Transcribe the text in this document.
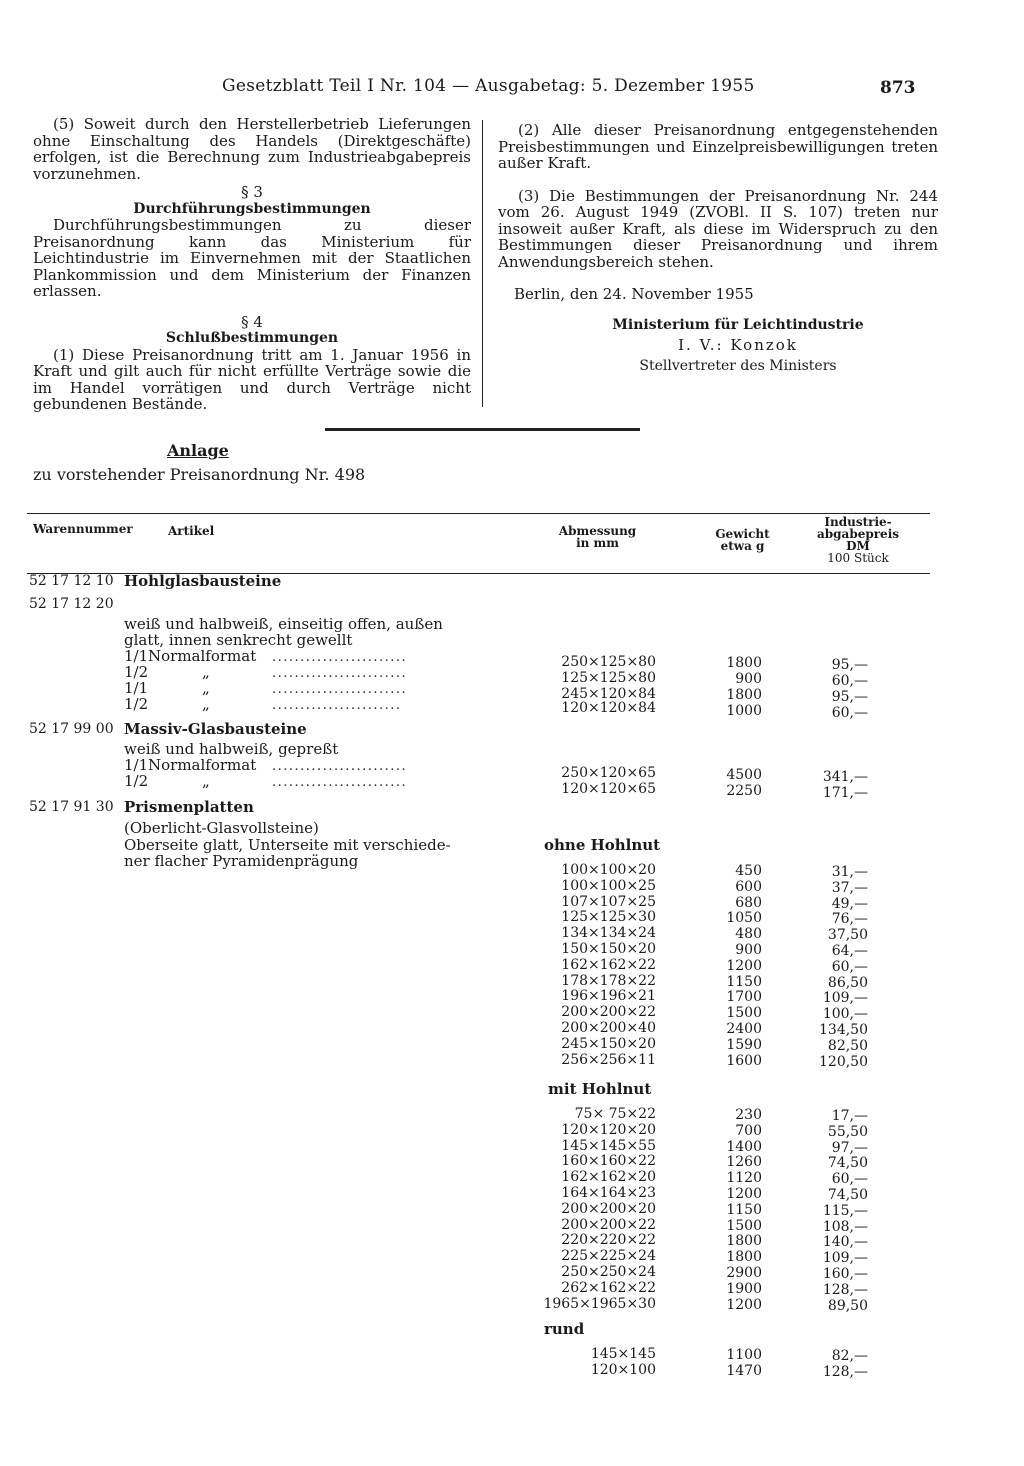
Gesetzblatt Teil I Nr. 104 — Ausgabetag: 5. Dezember 1955	873

(5) Soweit durch den Herstellerbetrieb Lieferungen ohne Einschaltung des Handels (Direktgeschäfte) erfolgen, ist die Berechnung zum Industrieabgabepreis vorzunehmen.

§ 3

Durchführungsbestimmungen

Durchführungsbestimmungen zu dieser Preisanordnung kann das Ministerium für Leichtindustrie im Einvernehmen mit der Staatlichen Plankommission und dem Ministerium der Finanzen erlassen.

§ 4

Schlußbestimmungen

(1) Diese Preisanordnung tritt am 1. Januar 1956 in Kraft und gilt auch für nicht erfüllte Verträge sowie die im Handel vorrätigen und durch Verträge nicht gebundenen Bestände.

(2) Alle dieser Preisanordnung entgegenstehenden Preisbestimmungen und Einzelpreisbewilligungen treten außer Kraft.

(3) Die Bestimmungen der Preisanordnung Nr. 244 vom 26. August 1949 (ZVOBl. II S. 107) treten nur insoweit außer Kraft, als diese im Widerspruch zu den Bestimmungen dieser Preisanordnung und ihrem Anwendungsbereich stehen.

Berlin, den 24. November 1955

Ministerium für Leichtindustrie

I. V.: Konzok

Stellvertreter des Ministers

Anlage
zu vorstehender Preisanordnung Nr. 498
Warennummer	Artikel	Abmessung
in mm
Gewicht
etwa g
Industrie-
abgabepreis
DM
100 Stück
52 17 12 10 Hohlglasbausteine
52 17 12 20
weiß und halbweiß, einseitig offen, außen
glatt, innen senkrecht gewellt
1/1Normalformat ........................	250×125×80	1800	95,—
1/2	„	........................	125×125×80	900	60,—
1/1	„	........................	245×120×84	1800	95,—
1/2	„	.......................	120×120×84	1000	60,—
52 17 99 00 Massiv-Glasbausteine
weiß und halbweiß, gepreßt
1/1Normalformat ........................	250×120×65	4500	341,—
1/2	„	........................	120×120×65	2250	171,—
52 17 91 30 Prismenplatten
(Oberlicht-Glasvollsteine)
Oberseite glatt, Unterseite mit verschiede-
ner flacher Pyramidenprägung
ohne Hohlnut
100×100×20	450	31,—
100×100×25	600	37,—
107×107×25	680	49,—
125×125×30	1050	76,—
134×134×24	480	37,50
150×150×20	900	64,—
162×162×22	1200	60,—
178×178×22	1150	86,50
196×196×21	1700	109,—
200×200×22	1500	100,—
200×200×40	2400	134,50
245×150×20	1590	82,50
256×256×11	1600	120,50
mit Hohlnut
75× 75×22	230	17,—
120×120×20	700	55,50
145×145×55	1400	97,—
160×160×22	1260	74,50
162×162×20	1120	60,—
164×164×23	1200	74,50
200×200×20	1150	115,—
200×200×22	1500	108,—
220×220×22	1800	140,—
225×225×24	1800	109,—
250×250×24	2900	160,—
262×162×22	1900	128,—
1965×1965×30	1200	89,50
rund
145×145	1100	82,—
120×100	1470	128,—
